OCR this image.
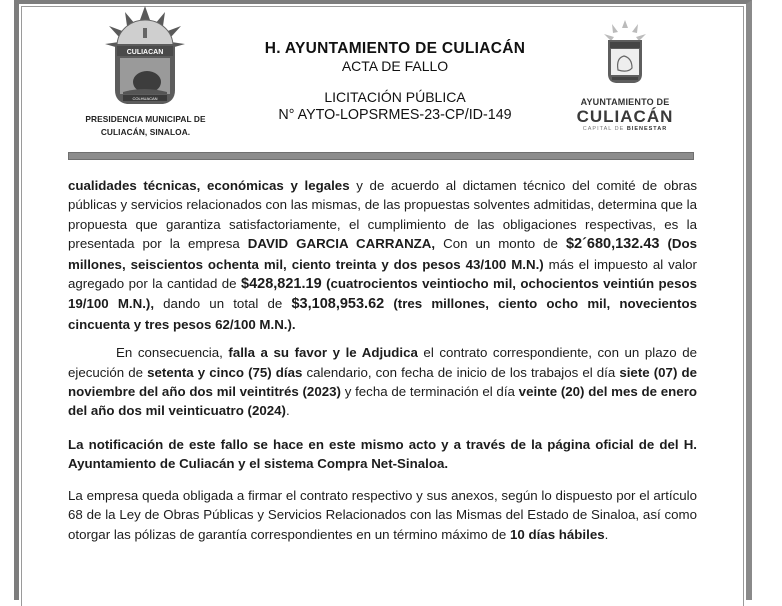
CULIACAN
COLHUACAN
PRESIDENCIA MUNICIPAL DE
CULIACÁN, SINALOA.
H. AYUNTAMIENTO DE CULIACÁN
ACTA DE FALLO
LICITACIÓN PÚBLICA
N° AYTO-LOPSRMES-23-CP/ID-149
AYUNTAMIENTO DE
CULIACÁN
CAPITAL DE BIENESTAR

cualidades técnicas, económicas y legales y de acuerdo al dictamen técnico del comité de obras públicas y servicios relacionados con las mismas, de las propuestas solventes admitidas, determina que la propuesta que garantiza satisfactoriamente, el cumplimiento de las obligaciones respectivas, es la presentada por la empresa DAVID GARCIA CARRANZA, Con un monto de $2´680,132.43 (Dos millones, seiscientos ochenta mil, ciento treinta y dos pesos 43/100 M.N.) más el impuesto al valor agregado por la cantidad de $428,821.19 (cuatrocientos veintiocho mil, ochocientos veintiún pesos 19/100 M.N.), dando un total de $3,108,953.62 (tres millones, ciento ocho mil, novecientos cincuenta y tres pesos 62/100 M.N.).

En consecuencia, falla a su favor y le Adjudica el contrato correspondiente, con un plazo de ejecución de setenta y cinco (75) días calendario, con fecha de inicio de los trabajos el día siete (07) de noviembre del año dos mil veintitrés (2023) y fecha de terminación el día veinte (20) del mes de enero del año dos mil veinticuatro (2024).

La notificación de este fallo se hace en este mismo acto y a través de la página oficial de del H. Ayuntamiento de Culiacán y el sistema Compra Net-Sinaloa.

La empresa queda obligada a firmar el contrato respectivo y sus anexos, según lo dispuesto por el artículo 68 de la Ley de Obras Públicas y Servicios Relacionados con las Mismas del Estado de Sinaloa, así como otorgar las pólizas de garantía correspondientes en un término máximo de 10 días hábiles.
